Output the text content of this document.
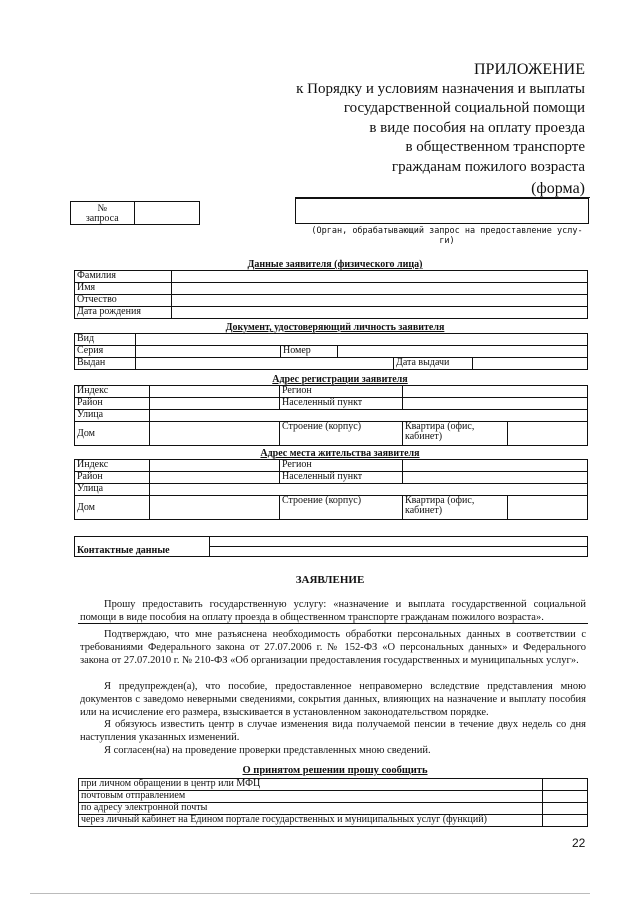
ПРИЛОЖЕНИЕ
к Порядку и условиям назначения и выплаты
государственной социальной помощи
в виде пособия на оплату проезда
в общественном транспорте
гражданам пожилого возраста
(форма)
№
запроса

(Орган, обрабатывающий запрос на предоставление услу-
ги)
Данные заявителя (физического лица)
Фамилия	
Имя	
Отчество	
Дата рождения	
Документ, удостоверяющий личность заявителя
Вид					
Серия		Номер			
Выдан				Дата выдачи	
Адрес регистрации заявителя
Индекс		Регион		
Район		Населенный пункт		
Улица				
Дом		Строение (корпус)	Квартира (офис, кабинет)	
Адрес места жительства заявителя
Индекс		Регион		
Район		Населенный пункт		
Улица				
Дом		Строение (корпус)	Квартира (офис, кабинет)	
Контактные данные	

ЗАЯВЛЕНИЕ
Прошу предоставить государственную услугу: «назначение и выплата государственной социальной помощи в виде пособия на оплату проезда в общественном транспорте гражданам пожилого возраста».
Подтверждаю, что мне разъяснена необходимость обработки персональных данных в соответствии с требованиями Федерального закона от 27.07.2006 г. № 152-ФЗ «О персональных данных» и Федерального закона от 27.07.2010 г. № 210-ФЗ «Об организации предоставления государственных и муниципальных услуг».
Я предупрежден(а), что пособие, предоставленное неправомерно вследствие представления мною документов с заведомо неверными сведениями, сокрытия данных, влияющих на назначение и выплату пособия или на исчисление его размера, взыскивается в установленном законодательством порядке.
Я обязуюсь известить центр в случае изменения вида получаемой пенсии в течение двух недель со дня наступления указанных изменений.
Я согласен(на) на проведение проверки представленных мною сведений.
О принятом решении прошу сообщить
при личном обращении в центр или МФЦ	
почтовым отправлением	
по адресу электронной почты	
через личный кабинет на Едином портале государственных и муниципальных услуг (функций)	
22
